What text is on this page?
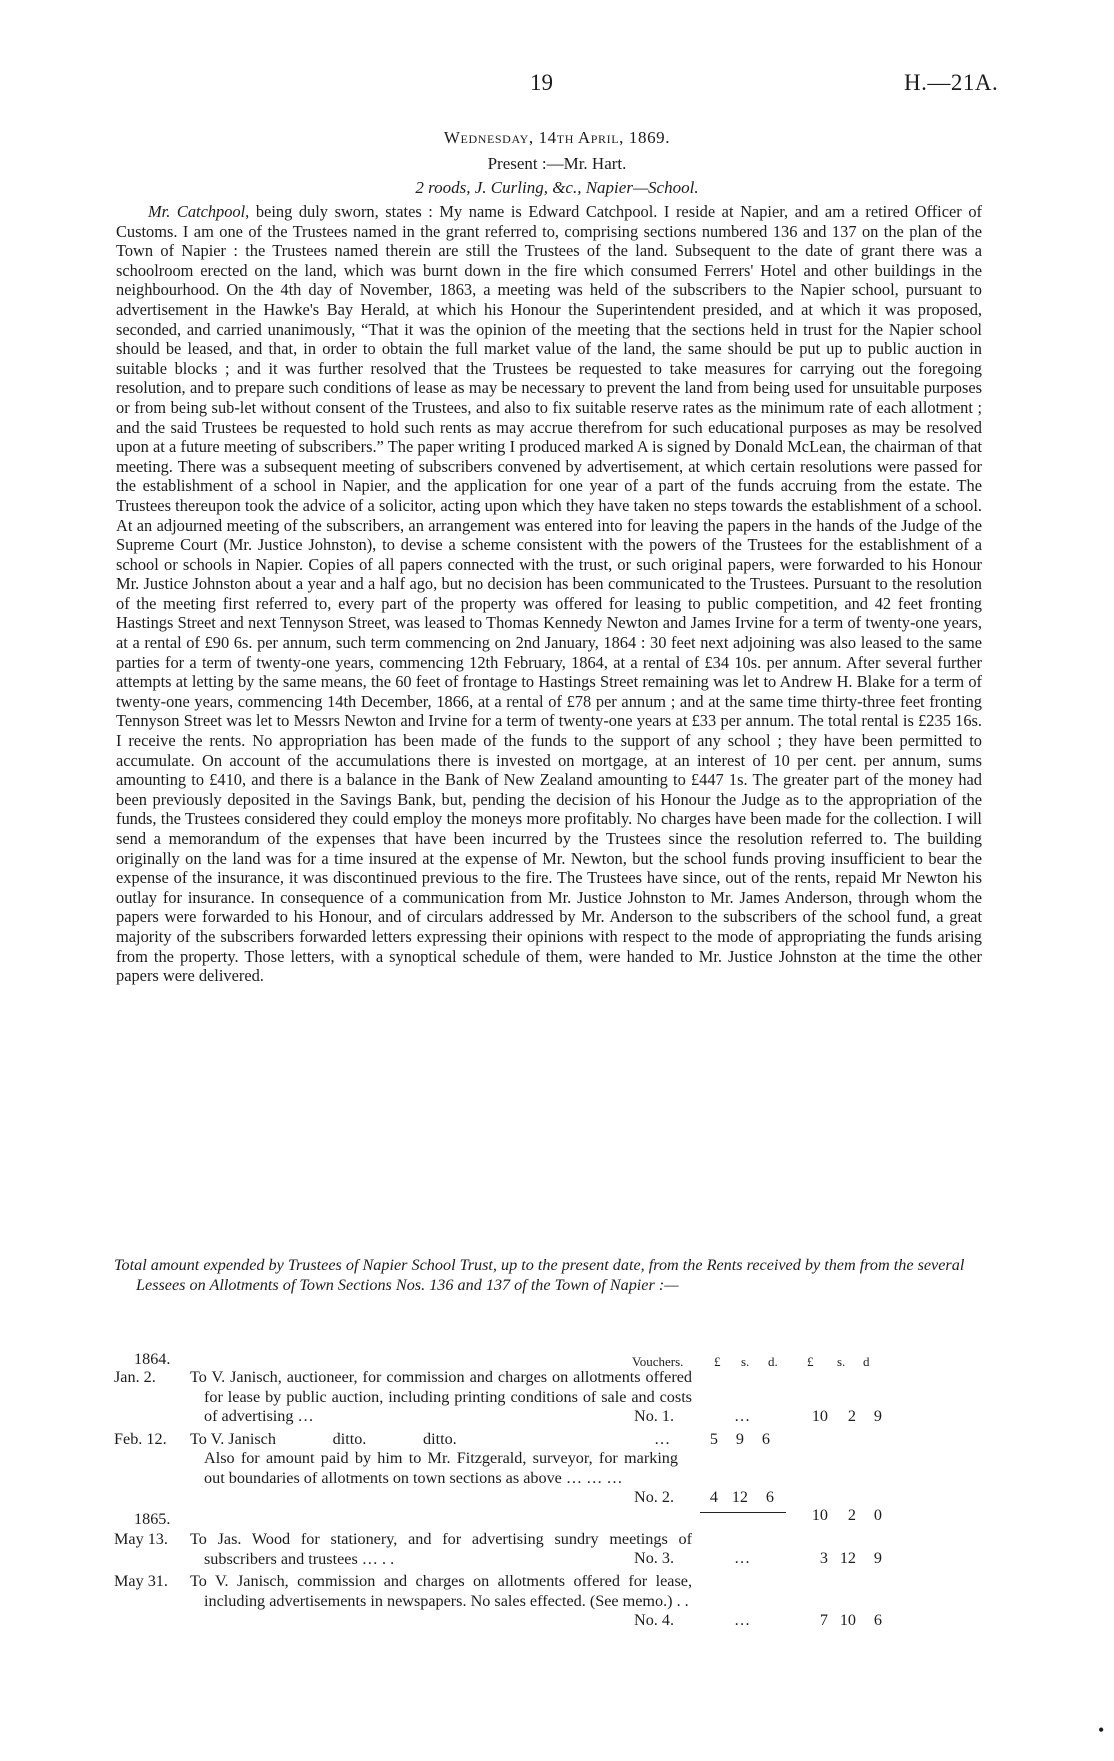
19	H.—21A.
Wednesday, 14th April, 1869.
Present :—Mr. Hart.
2 roods, J. Curling, &c., Napier—School.

Mr. Catchpool, being duly sworn, states : My name is Edward Catchpool. I reside at Napier, and am a retired Officer of Customs. I am one of the Trustees named in the grant referred to, comprising sections numbered 136 and 137 on the plan of the Town of Napier : the Trustees named therein are still the Trustees of the land. Subsequent to the date of grant there was a schoolroom erected on the land, which was burnt down in the fire which consumed Ferrers' Hotel and other buildings in the neighbourhood. On the 4th day of November, 1863, a meeting was held of the subscribers to the Napier school, pursuant to advertisement in the Hawke's Bay Herald, at which his Honour the Superintendent presided, and at which it was proposed, seconded, and carried unanimously, “That it was the opinion of the meeting that the sections held in trust for the Napier school should be leased, and that, in order to obtain the full market value of the land, the same should be put up to public auction in suitable blocks ; and it was further resolved that the Trustees be requested to take measures for carrying out the foregoing resolution, and to prepare such conditions of lease as may be necessary to prevent the land from being used for unsuitable purposes or from being sub-let without consent of the Trustees, and also to fix suitable reserve rates as the minimum rate of each allotment ; and the said Trustees be requested to hold such rents as may accrue therefrom for such educational purposes as may be resolved upon at a future meeting of subscribers.” The paper writing I produced marked A is signed by Donald McLean, the chairman of that meeting. There was a subsequent meeting of subscribers convened by advertisement, at which certain resolutions were passed for the establishment of a school in Napier, and the application for one year of a part of the funds accruing from the estate. The Trustees thereupon took the advice of a solicitor, acting upon which they have taken no steps towards the establishment of a school. At an adjourned meeting of the subscribers, an arrangement was entered into for leaving the papers in the hands of the Judge of the Supreme Court (Mr. Justice Johnston), to devise a scheme consistent with the powers of the Trustees for the establishment of a school or schools in Napier. Copies of all papers connected with the trust, or such original papers, were forwarded to his Honour Mr. Justice Johnston about a year and a half ago, but no decision has been communicated to the Trustees. Pursuant to the resolution of the meeting first referred to, every part of the property was offered for leasing to public competition, and 42 feet fronting Hastings Street and next Tennyson Street, was leased to Thomas Kennedy Newton and James Irvine for a term of twenty-one years, at a rental of £90 6s. per annum, such term commencing on 2nd January, 1864 : 30 feet next adjoining was also leased to the same parties for a term of twenty-one years, commencing 12th February, 1864, at a rental of £34 10s. per annum. After several further attempts at letting by the same means, the 60 feet of frontage to Hastings Street remaining was let to Andrew H. Blake for a term of twenty-one years, commencing 14th December, 1866, at a rental of £78 per annum ; and at the same time thirty-three feet fronting Tennyson Street was let to Messrs Newton and Irvine for a term of twenty-one years at £33 per annum. The total rental is £235 16s. I receive the rents. No appropriation has been made of the funds to the support of any school ; they have been permitted to accumulate. On account of the accumulations there is invested on mortgage, at an interest of 10 per cent. per annum, sums amounting to £410, and there is a balance in the Bank of New Zealand amounting to £447 1s. The greater part of the money had been previously deposited in the Savings Bank, but, pending the decision of his Honour the Judge as to the appropriation of the funds, the Trustees considered they could employ the moneys more profitably. No charges have been made for the collection. I will send a memorandum of the expenses that have been incurred by the Trustees since the resolution referred to. The building originally on the land was for a time insured at the expense of Mr. Newton, but the school funds proving insufficient to bear the expense of the insurance, it was discontinued previous to the fire. The Trustees have since, out of the rents, repaid Mr Newton his outlay for insurance. In consequence of a communication from Mr. Justice Johnston to Mr. James Anderson, through whom the papers were forwarded to his Honour, and of circulars addressed by Mr. Anderson to the subscribers of the school fund, a great majority of the subscribers forwarded letters expressing their opinions with respect to the mode of appropriating the funds arising from the property. Those letters, with a synoptical schedule of them, were handed to Mr. Justice Johnston at the time the other papers were delivered.

Total amount expended by Trustees of Napier School Trust, up to the present date, from the Rents received by them from the several Lessees on Allotments of Town Sections Nos. 136 and 137 of the Town of Napier :—

Vouchers. £ s. d. £ s. d
1864.
Jan. 2.	To V. Janisch, auctioneer, for commission and charges on allotments offered for lease by public auction, including printing conditions of sale and costs of advertising …	No. 1.	…	10	2	9
Feb. 12.	To V. Janisch              ditto.              ditto.	…	5	9	6
Also for amount paid by him to Mr. Fitzgerald, surveyor, for marking out boundaries of allotments on town sections as above … … …
No. 2.	4 12	6
10	2	0
1865.
May 13.	To Jas. Wood for stationery, and for advertising sundry meetings of subscribers and trustees … . .	No. 3.	…	3 12	9
May 31.	To V. Janisch, commission and charges on allotments offered for lease, including advertisements in newspapers. No sales effected. (See memo.) . .
No. 4.	…	7 10	6
•
